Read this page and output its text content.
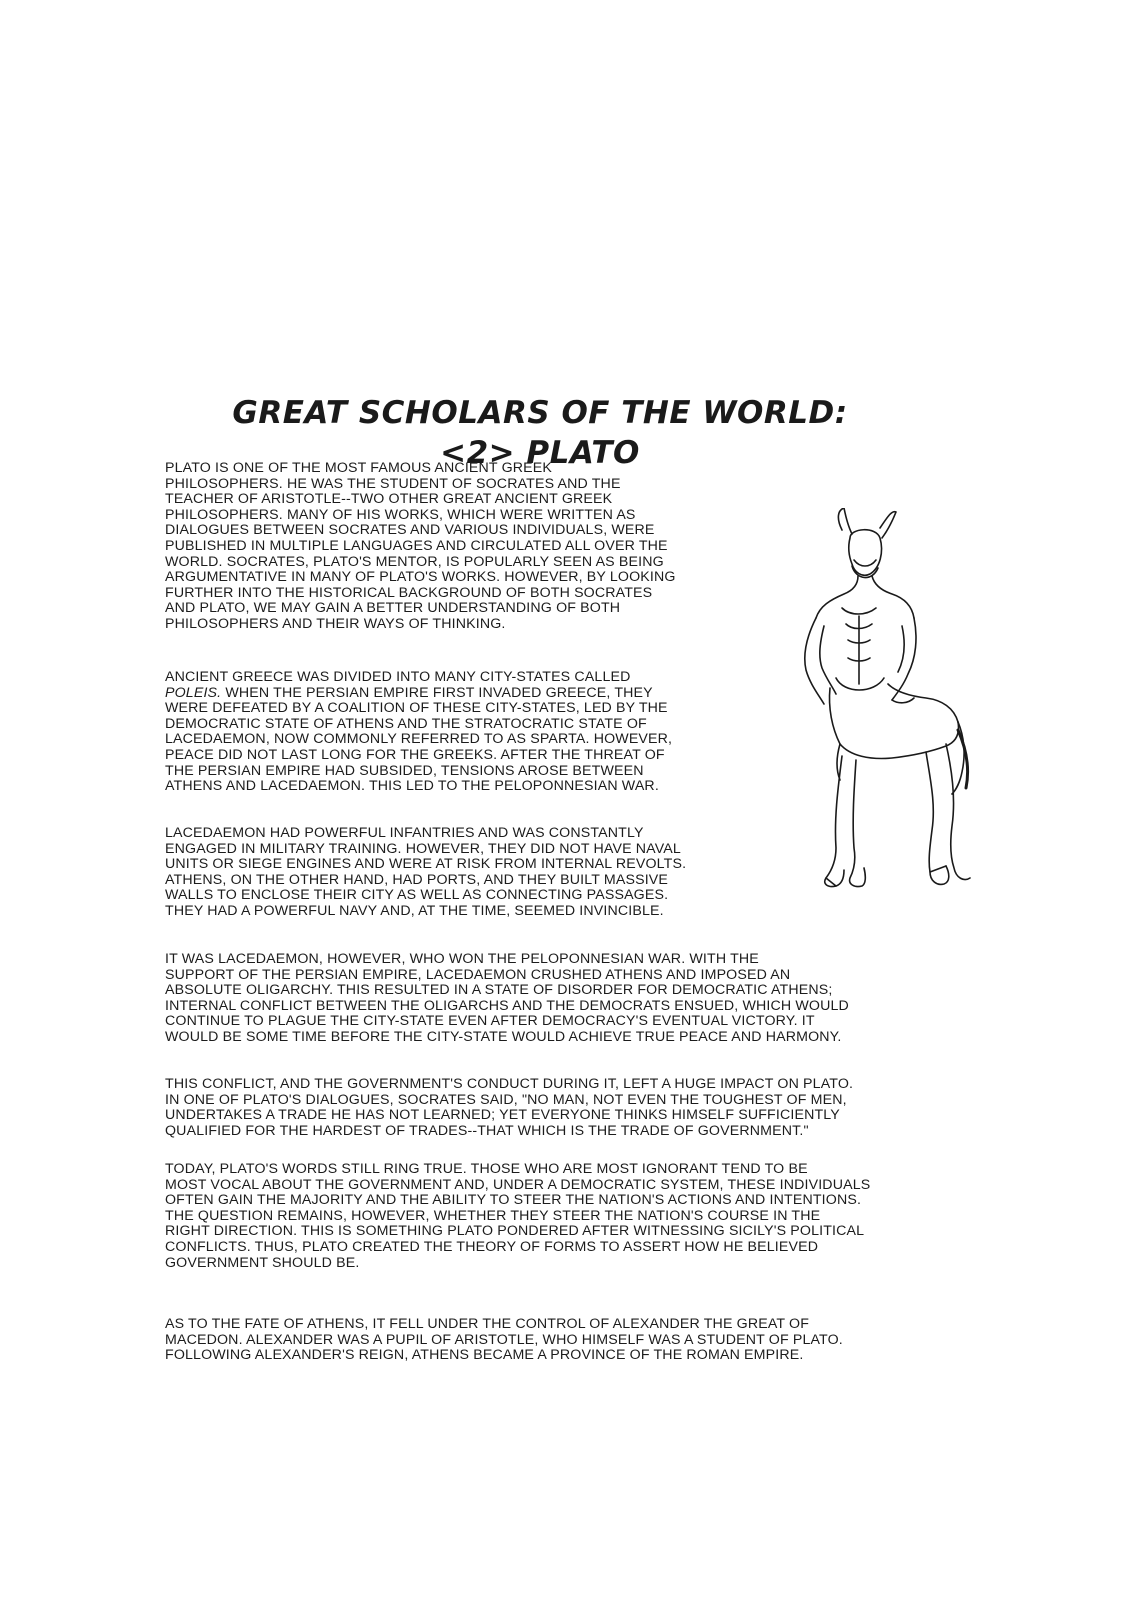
GREAT SCHOLARS OF THE WORLD:
<2> PLATO

PLATO IS ONE OF THE MOST FAMOUS ANCIENT GREEK
PHILOSOPHERS. HE WAS THE STUDENT OF SOCRATES AND THE
TEACHER OF ARISTOTLE--TWO OTHER GREAT ANCIENT GREEK
PHILOSOPHERS. MANY OF HIS WORKS, WHICH WERE WRITTEN AS
DIALOGUES BETWEEN SOCRATES AND VARIOUS INDIVIDUALS, WERE
PUBLISHED IN MULTIPLE LANGUAGES AND CIRCULATED ALL OVER THE
WORLD. SOCRATES, PLATO'S MENTOR, IS POPULARLY SEEN AS BEING
ARGUMENTATIVE IN MANY OF PLATO'S WORKS. HOWEVER, BY LOOKING
FURTHER INTO THE HISTORICAL BACKGROUND OF BOTH SOCRATES
AND PLATO, WE MAY GAIN A BETTER UNDERSTANDING OF BOTH
PHILOSOPHERS AND THEIR WAYS OF THINKING.

ANCIENT GREECE WAS DIVIDED INTO MANY CITY-STATES CALLED
POLEIS. WHEN THE PERSIAN EMPIRE FIRST INVADED GREECE, THEY
WERE DEFEATED BY A COALITION OF THESE CITY-STATES, LED BY THE
DEMOCRATIC STATE OF ATHENS AND THE STRATOCRATIC STATE OF
LACEDAEMON, NOW COMMONLY REFERRED TO AS SPARTA. HOWEVER,
PEACE DID NOT LAST LONG FOR THE GREEKS. AFTER THE THREAT OF
THE PERSIAN EMPIRE HAD SUBSIDED, TENSIONS AROSE BETWEEN
ATHENS AND LACEDAEMON. THIS LED TO THE PELOPONNESIAN WAR.

LACEDAEMON HAD POWERFUL INFANTRIES AND WAS CONSTANTLY
ENGAGED IN MILITARY TRAINING. HOWEVER, THEY DID NOT HAVE NAVAL
UNITS OR SIEGE ENGINES AND WERE AT RISK FROM INTERNAL REVOLTS.
ATHENS, ON THE OTHER HAND, HAD PORTS, AND THEY BUILT MASSIVE
WALLS TO ENCLOSE THEIR CITY AS WELL AS CONNECTING PASSAGES.
THEY HAD A POWERFUL NAVY AND, AT THE TIME, SEEMED INVINCIBLE.

IT WAS LACEDAEMON, HOWEVER, WHO WON THE PELOPONNESIAN WAR. WITH THE
SUPPORT OF THE PERSIAN EMPIRE, LACEDAEMON CRUSHED ATHENS AND IMPOSED AN
ABSOLUTE OLIGARCHY. THIS RESULTED IN A STATE OF DISORDER FOR DEMOCRATIC ATHENS;
INTERNAL CONFLICT BETWEEN THE OLIGARCHS AND THE DEMOCRATS ENSUED, WHICH WOULD
CONTINUE TO PLAGUE THE CITY-STATE EVEN AFTER DEMOCRACY'S EVENTUAL VICTORY. IT
WOULD BE SOME TIME BEFORE THE CITY-STATE WOULD ACHIEVE TRUE PEACE AND HARMONY.

THIS CONFLICT, AND THE GOVERNMENT'S CONDUCT DURING IT, LEFT A HUGE IMPACT ON PLATO.
IN ONE OF PLATO'S DIALOGUES, SOCRATES SAID, "NO MAN, NOT EVEN THE TOUGHEST OF MEN,
UNDERTAKES A TRADE HE HAS NOT LEARNED; YET EVERYONE THINKS HIMSELF SUFFICIENTLY
QUALIFIED FOR THE HARDEST OF TRADES--THAT WHICH IS THE TRADE OF GOVERNMENT."

TODAY, PLATO'S WORDS STILL RING TRUE. THOSE WHO ARE MOST IGNORANT TEND TO BE
MOST VOCAL ABOUT THE GOVERNMENT AND, UNDER A DEMOCRATIC SYSTEM, THESE INDIVIDUALS
OFTEN GAIN THE MAJORITY AND THE ABILITY TO STEER THE NATION'S ACTIONS AND INTENTIONS.
THE QUESTION REMAINS, HOWEVER, WHETHER THEY STEER THE NATION'S COURSE IN THE
RIGHT DIRECTION. THIS IS SOMETHING PLATO PONDERED AFTER WITNESSING SICILY'S POLITICAL
CONFLICTS. THUS, PLATO CREATED THE THEORY OF FORMS TO ASSERT HOW HE BELIEVED
GOVERNMENT SHOULD BE.

AS TO THE FATE OF ATHENS, IT FELL UNDER THE CONTROL OF ALEXANDER THE GREAT OF
MACEDON. ALEXANDER WAS A PUPIL OF ARISTOTLE, WHO HIMSELF WAS A STUDENT OF PLATO.
FOLLOWING ALEXANDER'S REIGN, ATHENS BECAME A PROVINCE OF THE ROMAN EMPIRE.
